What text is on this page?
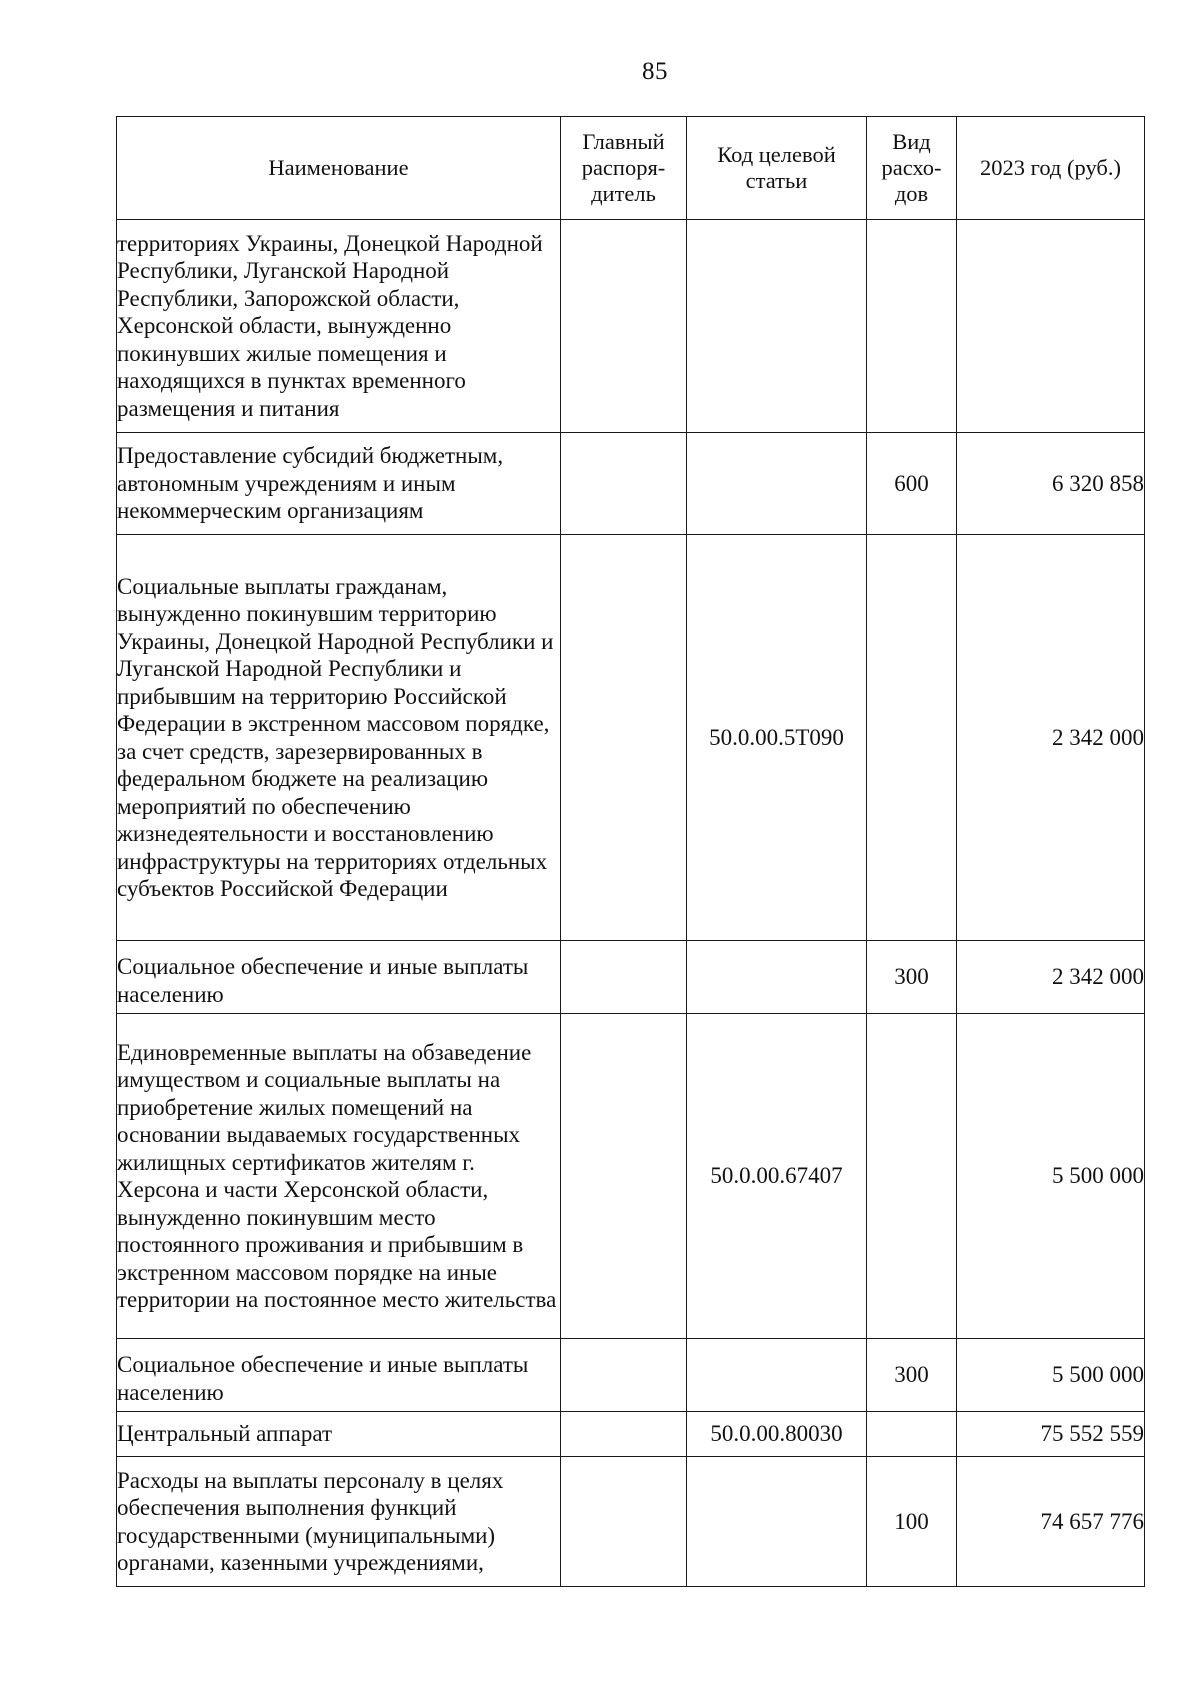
85
Наименование	Главный распоря-дитель	Код целевой статьи	Вид расхо-дов	2023 год (руб.)
территориях Украины, Донецкой Народной Республики, Луганской Народной Республики, Запорожской области, Херсонской области, вынужденно покинувших жилые помещения и находящихся в пунктах временного размещения и питания				
Предоставление субсидий бюджетным, автономным учреждениям и иным некоммерческим организациям			600	6 320 858
Социальные выплаты гражданам, вынужденно покинувшим территорию Украины, Донецкой Народной Республики и Луганской Народной Республики и прибывшим на территорию Российской Федерации в экстренном массовом порядке, за счет средств, зарезервированных в федеральном бюджете на реализацию мероприятий по обеспечению жизнедеятельности и восстановлению инфраструктуры на территориях отдельных субъектов Российской Федерации		50.0.00.5Т090		2 342 000
Социальное обеспечение и иные выплаты населению			300	2 342 000
Единовременные выплаты на обзаведение имуществом и социальные выплаты на приобретение жилых помещений на основании выдаваемых государственных жилищных сертификатов жителям г. Херсона и части Херсонской области, вынужденно покинувшим место постоянного проживания и прибывшим в экстренном массовом порядке на иные территории на постоянное место жительства		50.0.00.67407		5 500 000
Социальное обеспечение и иные выплаты населению			300	5 500 000
Центральный аппарат		50.0.00.80030		75 552 559
Расходы на выплаты персоналу в целях обеспечения выполнения функций государственными (муниципальными) органами, казенными учреждениями,			100	74 657 776
